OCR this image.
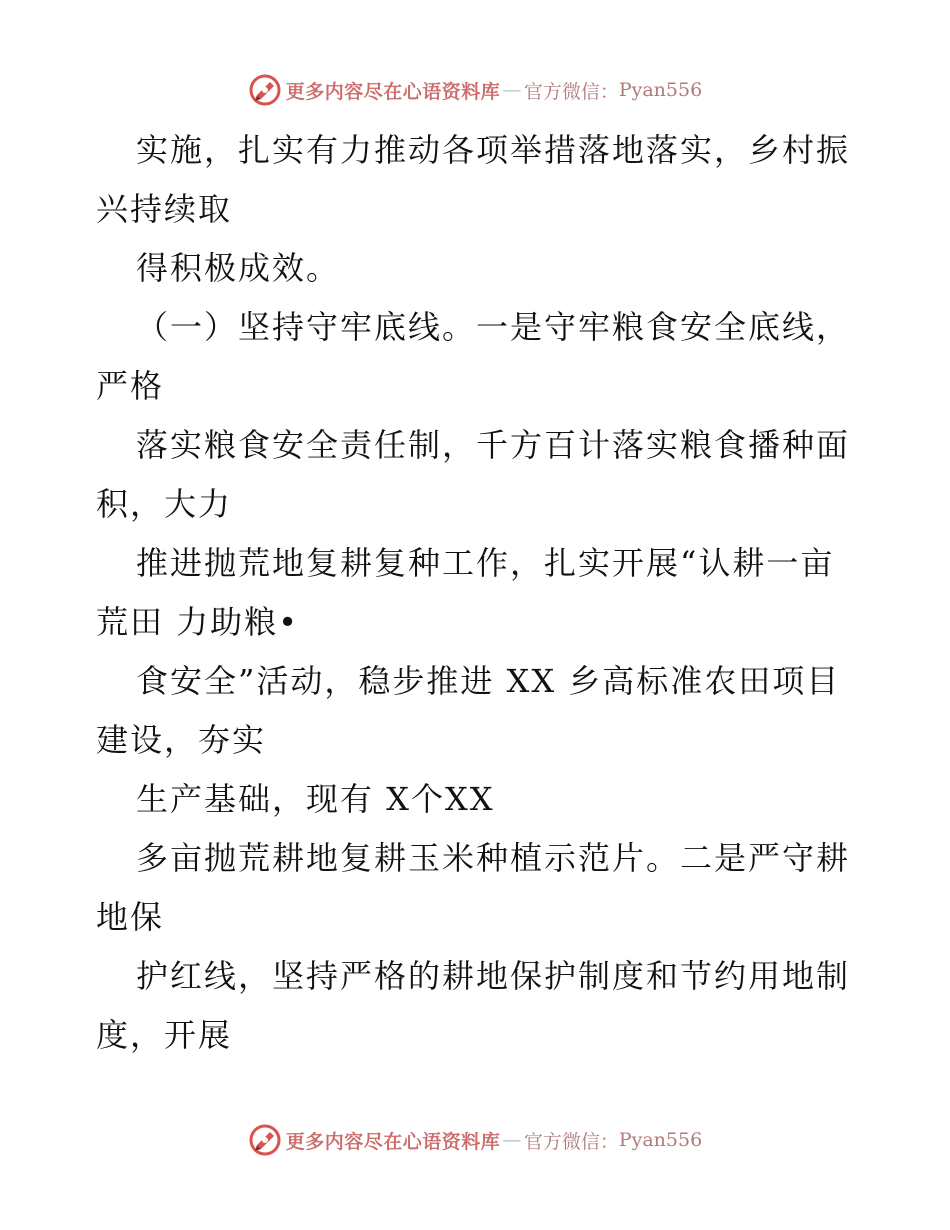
更多内容尽在心语资料库 — 官方微信： Pyan556
实施，扎实有力推动各项举措落地落实，乡村振
兴持续取
得积极成效。
（一）坚持守牢底线。一是守牢粮食安全底线，
严格
落实粮食安全责任制，千方百计落实粮食播种面
积，大力
推进抛荒地复耕复种工作，扎实开展“认耕一亩
荒田 力助粮•
食安全”活动，稳步推进 XX 乡高标准农田项目
建设，夯实
生产基础，现有 X个XX
多亩抛荒耕地复耕玉米种植示范片。二是严守耕
地保
护红线，坚持严格的耕地保护制度和节约用地制
度，开展
更多内容尽在心语资料库 — 官方微信： Pyan556
